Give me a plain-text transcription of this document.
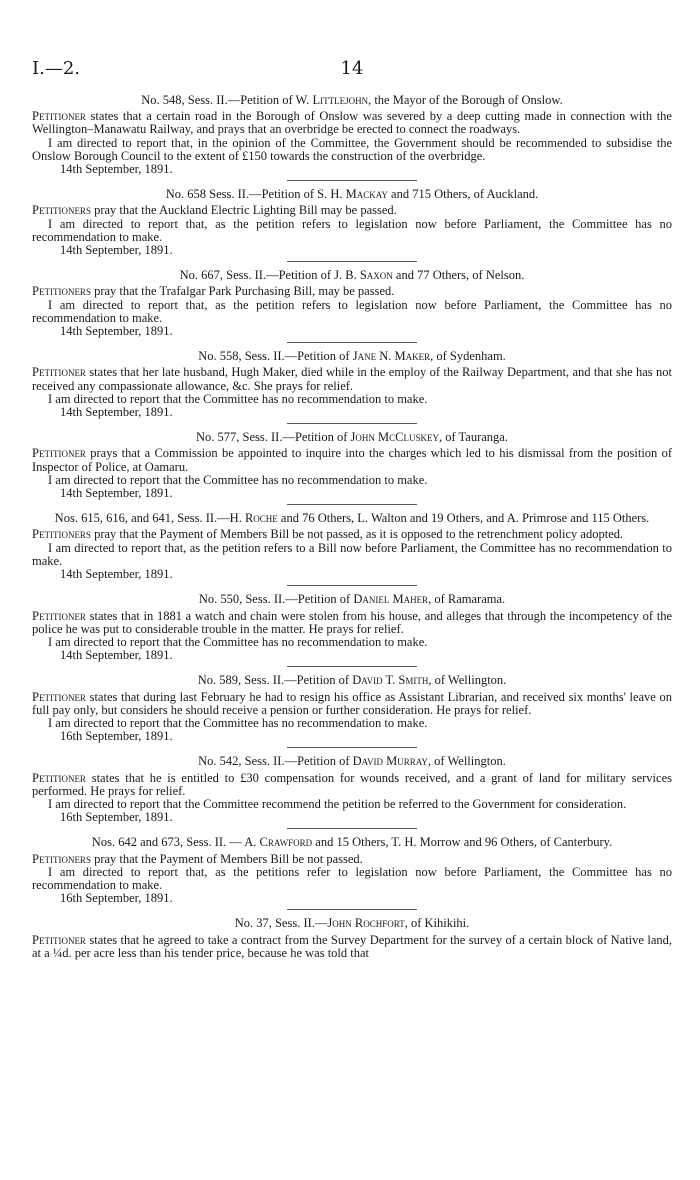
I.—2.	14

No. 548, Sess. II.—Petition of W. Littlejohn, the Mayor of the Borough of Onslow.

Petitioner states that a certain road in the Borough of Onslow was severed by a deep cutting made in connection with the Wellington–Manawatu Railway, and prays that an overbridge be erected to connect the roadways.

I am directed to report that, in the opinion of the Committee, the Government should be recommended to subsidise the Onslow Borough Council to the extent of £150 towards the construction of the overbridge.

14th September, 1891.

No. 658 Sess. II.—Petition of S. H. Mackay and 715 Others, of Auckland.

Petitioners pray that the Auckland Electric Lighting Bill may be passed.

I am directed to report that, as the petition refers to legislation now before Parliament, the Committee has no recommendation to make.

14th September, 1891.

No. 667, Sess. II.—Petition of J. B. Saxon and 77 Others, of Nelson.

Petitioners pray that the Trafalgar Park Purchasing Bill, may be passed.

I am directed to report that, as the petition refers to legislation now before Parliament, the Committee has no recommendation to make.

14th September, 1891.

No. 558, Sess. II.—Petition of Jane N. Maker, of Sydenham.

Petitioner states that her late husband, Hugh Maker, died while in the employ of the Railway Department, and that she has not received any compassionate allowance, &c. She prays for relief.

I am directed to report that the Committee has no recommendation to make.

14th September, 1891.

No. 577, Sess. II.—Petition of John McCluskey, of Tauranga.

Petitioner prays that a Commission be appointed to inquire into the charges which led to his dismissal from the position of Inspector of Police, at Oamaru.

I am directed to report that the Committee has no recommendation to make.

14th September, 1891.

Nos. 615, 616, and 641, Sess. II.—H. Roche and 76 Others, L. Walton and 19 Others, and A. Primrose and 115 Others.

Petitioners pray that the Payment of Members Bill be not passed, as it is opposed to the retrenchment policy adopted.

I am directed to report that, as the petition refers to a Bill now before Parliament, the Committee has no recommendation to make.

14th September, 1891.

No. 550, Sess. II.—Petition of Daniel Maher, of Ramarama.

Petitioner states that in 1881 a watch and chain were stolen from his house, and alleges that through the incompetency of the police he was put to considerable trouble in the matter. He prays for relief.

I am directed to report that the Committee has no recommendation to make.

14th September, 1891.

No. 589, Sess. II.—Petition of David T. Smith, of Wellington.

Petitioner states that during last February he had to resign his office as Assistant Librarian, and received six months' leave on full pay only, but considers he should receive a pension or further consideration. He prays for relief.

I am directed to report that the Committee has no recommendation to make.

16th September, 1891.

No. 542, Sess. II.—Petition of David Murray, of Wellington.

Petitioner states that he is entitled to £30 compensation for wounds received, and a grant of land for military services performed. He prays for relief.

I am directed to report that the Committee recommend the petition be referred to the Government for consideration.

16th September, 1891.

Nos. 642 and 673, Sess. II. — A. Crawford and 15 Others, T. H. Morrow and 96 Others, of Canterbury.

Petitioners pray that the Payment of Members Bill be not passed.

I am directed to report that, as the petitions refer to legislation now before Parliament, the Committee has no recommendation to make.

16th September, 1891.

No. 37, Sess. II.—John Rochfort, of Kihikihi.

Petitioner states that he agreed to take a contract from the Survey Department for the survey of a certain block of Native land, at a ¼d. per acre less than his tender price, because he was told that
